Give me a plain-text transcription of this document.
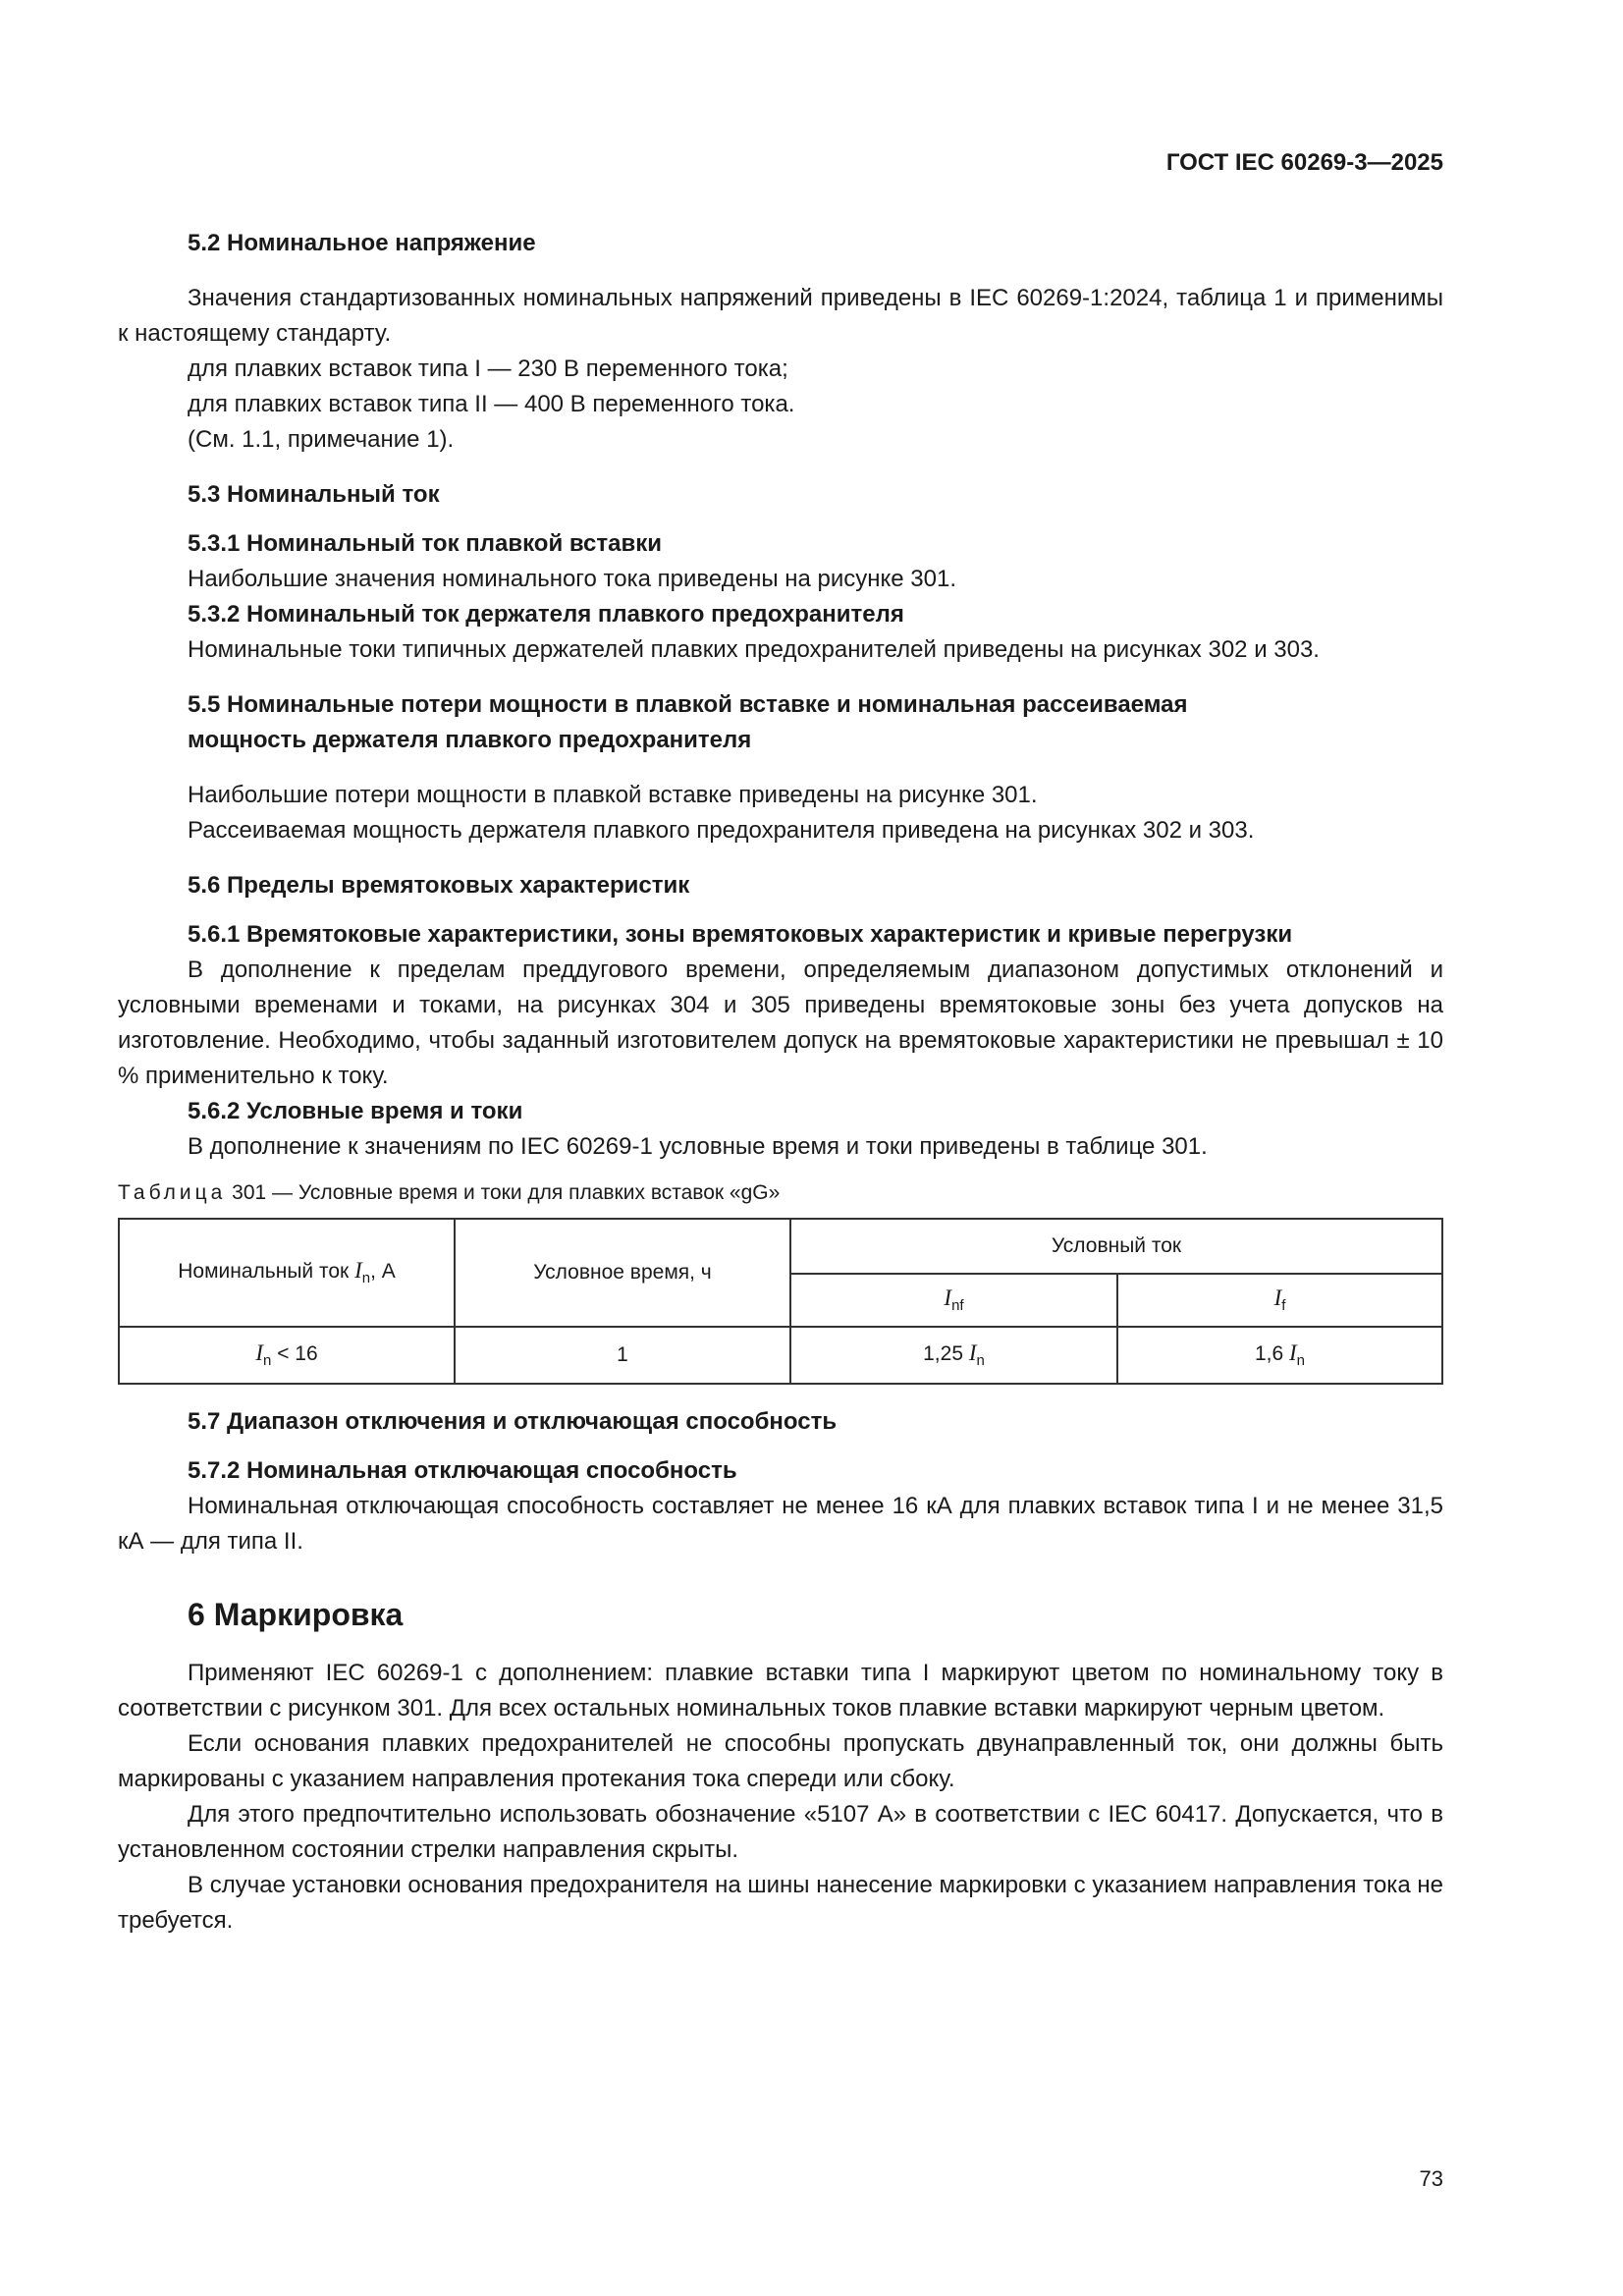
ГОСТ IEC 60269-3—2025

5.2 Номинальное напряжение

Значения стандартизованных номинальных напряжений приведены в IEC 60269-1:2024, таблица 1 и применимы к настоящему стандарту.

для плавких вставок типа I — 230 В переменного тока;

для плавких вставок типа II — 400 В переменного тока.

(См. 1.1, примечание 1).

5.3 Номинальный ток

5.3.1 Номинальный ток плавкой вставки

Наибольшие значения номинального тока приведены на рисунке 301.

5.3.2 Номинальный ток держателя плавкого предохранителя

Номинальные токи типичных держателей плавких предохранителей приведены на рисунках 302 и 303.

5.5 Номинальные потери мощности в плавкой вставке и номинальная рассеиваемая

мощность держателя плавкого предохранителя

Наибольшие потери мощности в плавкой вставке приведены на рисунке 301.

Рассеиваемая мощность держателя плавкого предохранителя приведена на рисунках 302 и 303.

5.6 Пределы времятоковых характеристик

5.6.1 Времятоковые характеристики, зоны времятоковых характеристик и кривые перегрузки

В дополнение к пределам преддугового времени, определяемым диапазоном допустимых отклонений и условными временами и токами, на рисунках 304 и 305 приведены времятоковые зоны без учета допусков на изготовление. Необходимо, чтобы заданный изготовителем допуск на времятоковые характеристики не превышал ± 10 % применительно к току.

5.6.2 Условные время и токи

В дополнение к значениям по IEC 60269-1 условные время и токи приведены в таблице 301.

Таблица 301 — Условные время и токи для плавких вставок «gG»

Номинальный ток $I_n$, А	Условное время, ч	Условный ток	
		$I_{nf}$	$I_f$
$I_n < 16$	1	1,25 $I_n$	1,6 $I_n$

5.7 Диапазон отключения и отключающая способность

5.7.2 Номинальная отключающая способность

Номинальная отключающая способность составляет не менее 16 кА для плавких вставок типа I и не менее 31,5 кА — для типа II.

6 Маркировка

Применяют IEC 60269-1 с дополнением: плавкие вставки типа I маркируют цветом по номинальному току в соответствии с рисунком 301. Для всех остальных номинальных токов плавкие вставки маркируют черным цветом.

Если основания плавких предохранителей не способны пропускать двунаправленный ток, они должны быть маркированы с указанием направления протекания тока спереди или сбоку.

Для этого предпочтительно использовать обозначение «5107 А» в соответствии с IEC 60417. Допускается, что в установленном состоянии стрелки направления скрыты.

В случае установки основания предохранителя на шины нанесение маркировки с указанием направления тока не требуется.

73
